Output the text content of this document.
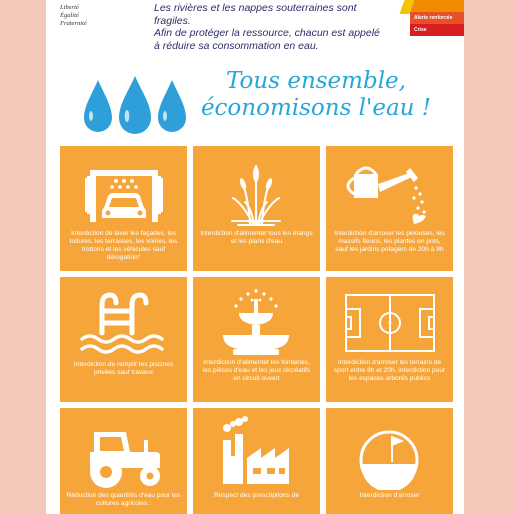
Liberté
Égalité
Fraternité
Les rivières et les nappes souterraines sont fragiles.
Afin de protéger la ressource, chacun est appelé
à réduire sa consommation en eau.
Alerte renforcée
Crise
Tous ensemble,
économisons l'eau !
Interdiction de laver les façades, les toitures, les terrasses, les voiries, les trottoirs et les véhicules sauf dérogation*
Interdiction d'alimenter tous les étangs et les plans d'eau
Interdiction d'arroser les pelouses, les massifs fleuris, les plantes en pots, sauf les jardins potagers de 20h à 8h
Interdiction de remplir les piscines privées sauf travaux
Interdiction d'alimenter les fontaines, les pièces d'eau et les jeux récréatifs en circuit ouvert
Interdiction d'arroser les terrains de sport entre 8h et 20h, interdiction pour les espaces arborés publics
Réduction des quantités d'eau pour les cultures agricoles :
Respect des prescriptions de	Interdiction d'arroser
